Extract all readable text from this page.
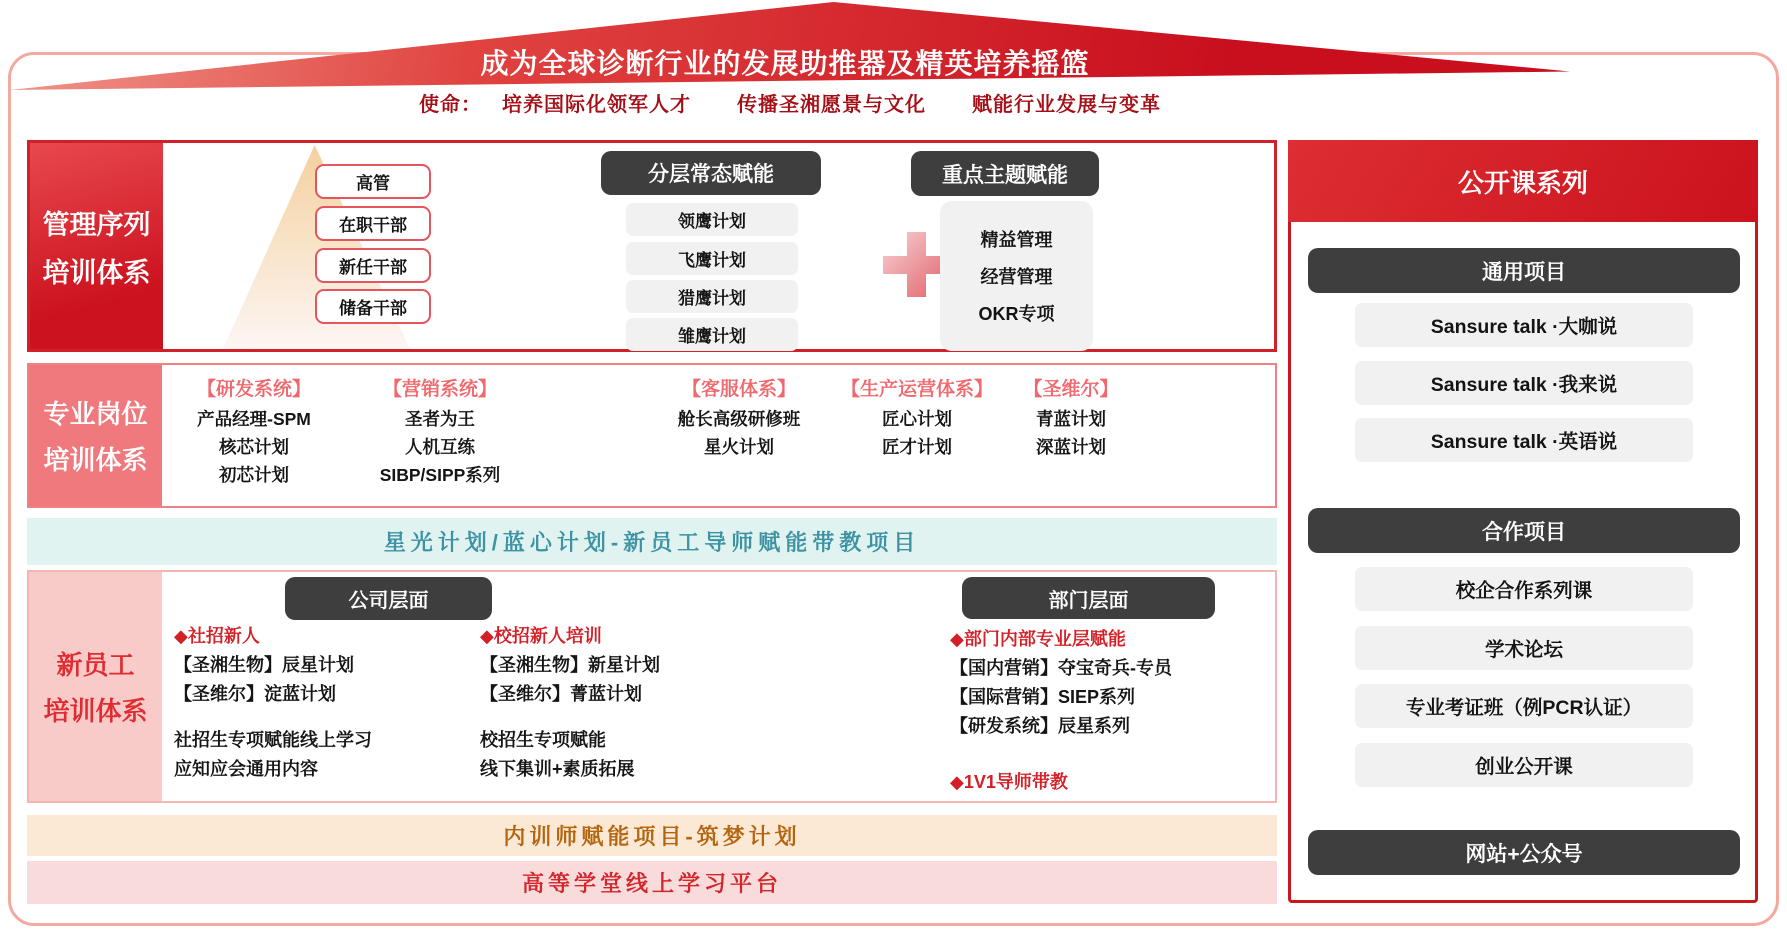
成为全球诊断行业的发展助推器及精英培养摇篮
使命： 培养国际化领军人才 传播圣湘愿景与文化 赋能行业发展与变革
管理序列
培训体系
高管
在职干部
新任干部
储备干部
分层常态赋能
领鹰计划
飞鹰计划
猎鹰计划
雏鹰计划
重点主题赋能
精益管理
经营管理
OKR专项
专业岗位
培训体系
【研发系统】
产品经理-SPM
核芯计划
初芯计划
【营销系统】
圣者为王
人机互练
SIBP/SIPP系列
【客服体系】
舱长高级研修班
星火计划
【生产运营体系】
匠心计划
匠才计划
【圣维尔】
青蓝计划
深蓝计划
星光计划/蓝心计划-新员工导师赋能带教项目
新员工
培训体系
公司层面	部门层面
◆社招新人
【圣湘生物】辰星计划
【圣维尔】淀蓝计划
社招生专项赋能线上学习
应知应会通用内容
◆校招新人培训
【圣湘生物】新星计划
【圣维尔】菁蓝计划
校招生专项赋能
线下集训+素质拓展
◆部门内部专业层赋能
【国内营销】夺宝奇兵-专员
【国际营销】SIEP系列
【研发系统】辰星系列
◆1V1导师带教
内训师赋能项目-筑梦计划
高等学堂线上学习平台
公开课系列
通用项目
Sansure talk ·大咖说
Sansure talk ·我来说
Sansure talk ·英语说
合作项目
校企合作系列课
学术论坛
专业考证班（例PCR认证）
创业公开课
网站+公众号
